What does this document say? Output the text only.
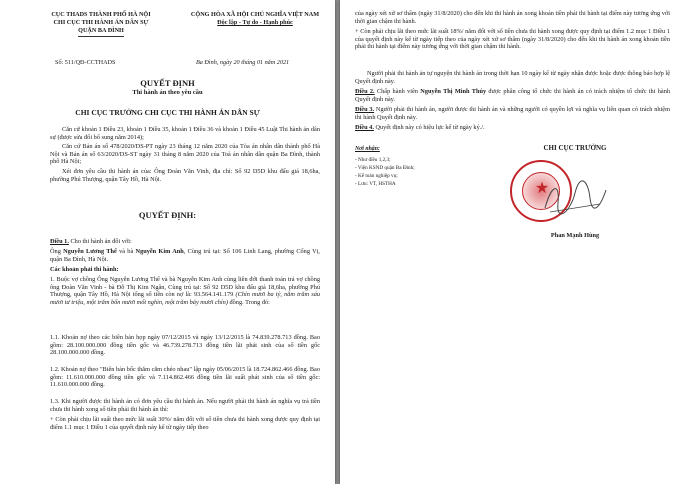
CỤC THADS THÀNH PHỐ HÀ NỘI
CHI CỤC THI HÀNH ÁN DÂN SỰ
QUẬN BA ĐÌNH
CỘNG HÒA XÃ HỘI CHỦ NGHĨA VIỆT NAM
Độc lập - Tự do - Hạnh phúc
Số: 511/QĐ-CCTHADS	Ba Đình, ngày 20 tháng 01 năm 2021
QUYẾT ĐỊNH
Thi hành án theo yêu cầu
CHI CỤC TRƯỞNG CHI CỤC THI HÀNH ÁN DÂN SỰ
Căn cứ khoản 1 Điều 23, khoản 1 Điều 35, khoản 1 Điều 36 và khoản 1 Điều 45 Luật Thi hành án dân sự (được sửa đổi bổ sung năm 2014);
Căn cứ Bản án số 478/2020/DS-PT ngày 23 tháng 12 năm 2020 của Tòa án nhân dân thành phố Hà Nội và Bản án số 63/2020/DS-ST ngày 31 tháng 8 năm 2020 của Toà án nhân dân quận Ba Đình, thành phố Hà Nội;
Xét đơn yêu cầu thi hành án của: Ông Đoàn Văn Vinh, địa chỉ: Số 92 D5D khu đấu giá 18,6ha, phường Phú Thượng, quận Tây Hồ, Hà Nội.
QUYẾT ĐỊNH:
Điều 1. Cho thi hành án đối với:
Ông Nguyễn Lương Thế và bà Nguyễn Kim Anh, Cùng trú tại: Số 106 Linh Lang, phường Cống Vị, quận Ba Đình, Hà Nội.
Các khoản phải thi hành:
1. Buộc vợ chồng Ông Nguyễn Lương Thế và bà Nguyễn Kim Anh cùng liên đới thanh toán trả vợ chồng ông Đoàn Văn Vinh - bà Đỗ Thị Kim Ngân, Cùng trú tại: Số 92 D5D khu đấu giá 18,6ha, phường Phú Thượng, quận Tây Hồ, Hà Nội tổng số tiền còn nợ là: 93.564.141.179 (Chín mươi ba tỷ, năm trăm sáu mươi tư triệu, một trăm bốn mươi mốt nghìn, một trăm bảy mươi chín) đồng. Trong đó:
1.1. Khoản nợ theo các biên bản họp ngày 07/12/2015 và ngày 13/12/2015 là 74.839.278.713 đồng. Bao gồm: 28.100.000.000 đồng tiền gốc và 46.739.278.713 đồng tiền lãi phát sinh của số tiền gốc 28.100.000.000 đồng.
1.2. Khoản nợ theo "Biên bản bốc thăm cắm chéo nhau" lập ngày 05/06/2015 là 18.724.862.466 đồng. Bao gồm: 11.610.000.000 đồng tiền gốc và 7.114.862.466 đồng tiền lãi suất phát sinh của số tiền gốc: 11.610.000.000 đồng.
1.3. Khi người được thi hành án có đơn yêu cầu thi hành án. Nếu người phải thi hành án nghĩa vụ trả tiền chưa thi hành xong số tiền phải thi hành án thì:
+ Còn phải chịu lãi suất theo mức lãi suất 30%/ năm đối với số tiền chưa thi hành xong được quy định tại điểm 1.1 mục 1 Điều 1 của quyết định này kể từ ngày tiếp theo
của ngày xét xử sơ thẩm (ngày 31/8/2020) cho đến khi thi hành án xong khoản tiền phải thi hành tại điểm này tương ứng với thời gian chậm thi hành.
+ Còn phải chịu lãi theo mức lãi suất 18%/ năm đối với số tiền chưa thi hành xong được quy định tại điểm 1.2 mục 1 Điều 1 của quyết định này kể từ ngày tiếp theo của ngày xét xử sơ thẩm (ngày 31/8/2020) cho đến khi thi hành án xong khoản tiền phải thi hành tại điểm này tương ứng với thời gian chậm thi hành.
Người phải thi hành án tự nguyện thi hành án trong thời hạn 10 ngày kể từ ngày nhận được hoặc được thông báo hợp lệ Quyết định này.
Điều 2. Chấp hành viên Nguyễn Thị Minh Thúy được phân công tổ chức thi hành án có trách nhiệm tổ chức thi hành Quyết định này.
Điều 3. Người phải thi hành án, người được thi hành án và những người có quyền lợi và nghĩa vụ liên quan có trách nhiệm thi hành Quyết định này.
Điều 4. Quyết định này có hiệu lực kể từ ngày ký./.
Nơi nhận:
- Như điều 1,2,3;
- Viện KSND quận Ba Đình;
- Kế toán nghiệp vụ;
- Lưu: VT, HSTHA
CHI CỤC TRƯỞNG
★
Phan Mạnh Hùng
